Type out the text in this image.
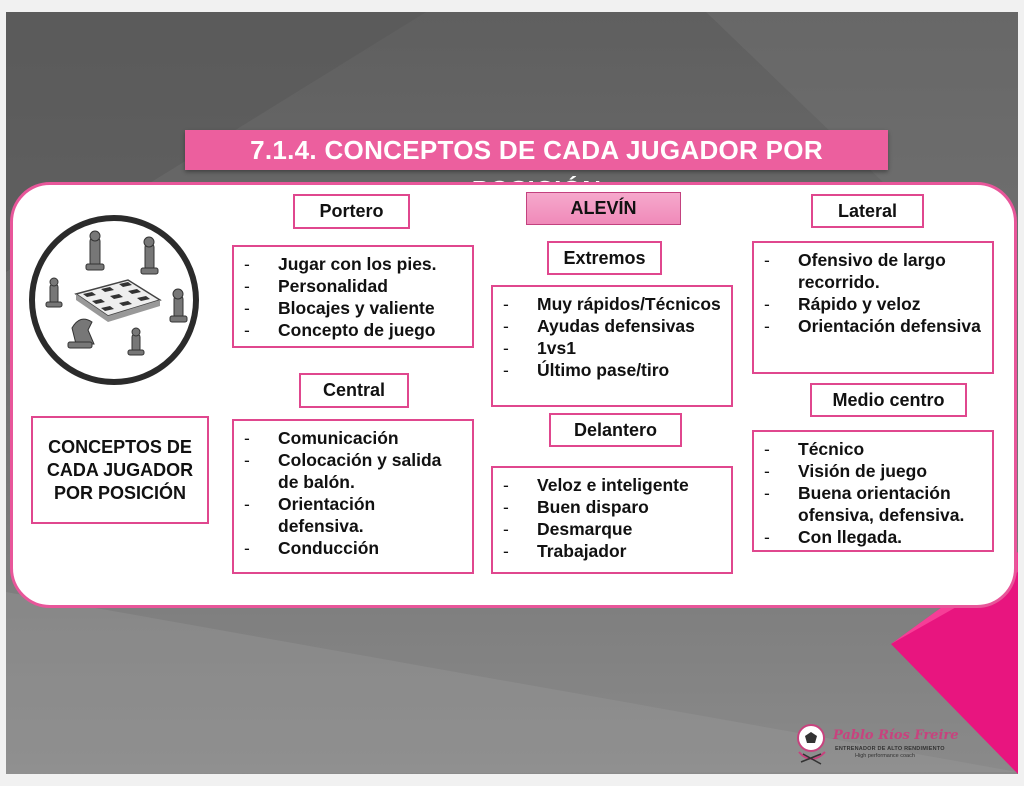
7.1.4. CONCEPTOS DE CADA JUGADOR POR
CONCEPTOS DE CADA JUGADOR POR POSICIÓN
Portero
-	Jugar con los pies.
-	Personalidad
-	Blocajes y valiente
-	Concepto de juego
Central
-	Comunicación
-	Colocación y salida de balón.
-	Orientación defensiva.
-	Conducción
ALEVÍN
Extremos
-	Muy rápidos/Técnicos
-	Ayudas defensivas
-	1vs1
-	Último pase/tiro
Delantero
-	Veloz e inteligente
-	Buen disparo
-	Desmarque
-	Trabajador
Lateral
-	Ofensivo de largo recorrido.
-	Rápido y veloz
-	Orientación defensiva
Medio centro
-	Técnico
-	Visión de juego
-	Buena orientación ofensiva, defensiva.
-	Con llegada.
Pablo Ríos Freire
ENTRENADOR DE ALTO RENDIMIENTO
High performance coach
